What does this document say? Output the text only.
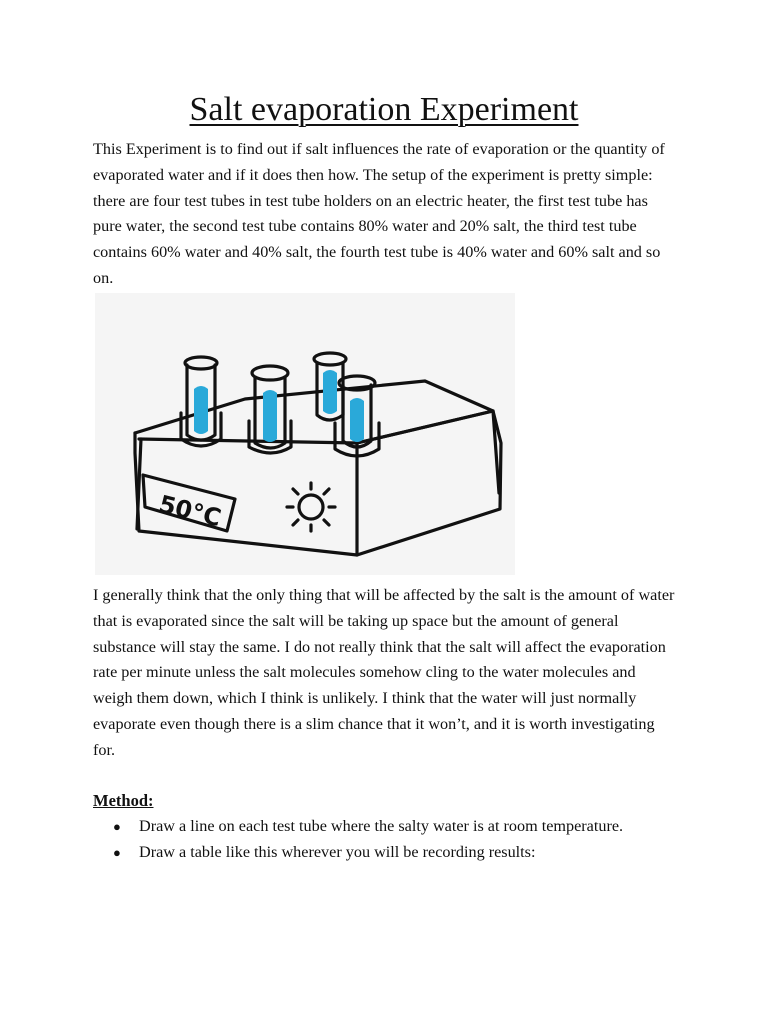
Salt evaporation Experiment

This Experiment is to find out if salt influences the rate of evaporation or the quantity of evaporated water and if it does then how. The setup of the experiment is pretty simple: there are four test tubes in test tube holders on an electric heater, the first test tube has pure water, the second test tube contains 80% water and 20% salt, the third test tube contains 60% water and 40% salt, the fourth test tube is 40% water and 60% salt and so on.

50°C

I generally think that the only thing that will be affected by the salt is the amount of water that is evaporated since the salt will be taking up space but the amount of general substance will stay the same. I do not really think that the salt will affect the evaporation rate per minute unless the salt molecules somehow cling to the water molecules and weigh them down, which I think is unlikely. I think that the water will just normally evaporate even though there is a slim chance that it won’t, and it is worth investigating for.

Method:
● Draw a line on each test tube where the salty water is at room temperature.
● Draw a table like this wherever you will be recording results:
